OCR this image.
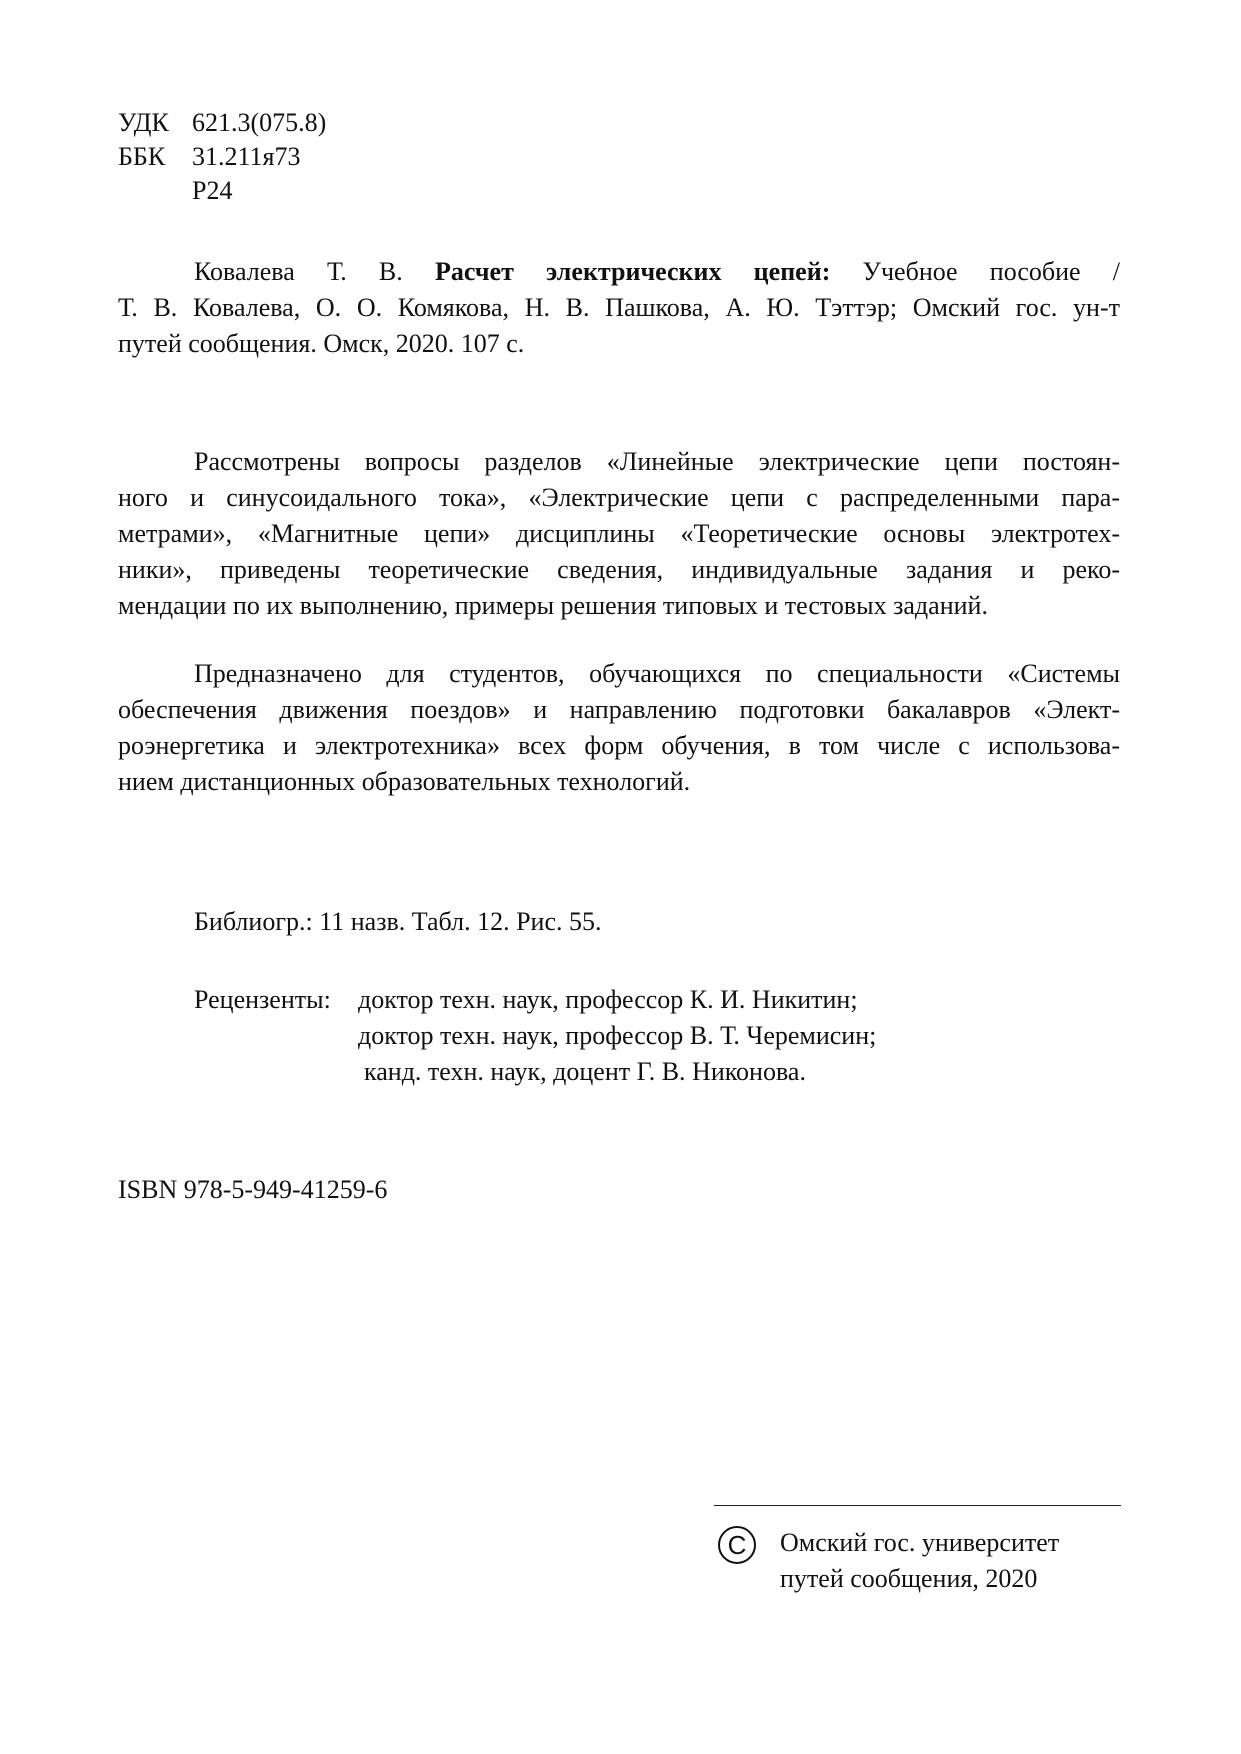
УДК 621.3(075.8)
ББК 31.211я73
Р24
Ковалева Т. В. Расчет электрических цепей: Учебное пособие /
Т. В. Ковалева, О. О. Комякова, Н. В. Пашкова, А. Ю. Тэттэр; Омский гос. ун-т
путей сообщения. Омск, 2020. 107 с.
Рассмотрены вопросы разделов «Линейные электрические цепи постоян-
ного и синусоидального тока», «Электрические цепи с распределенными пара-
метрами», «Магнитные цепи» дисциплины «Теоретические основы электротех-
ники», приведены теоретические сведения, индивидуальные задания и реко-
мендации по их выполнению, примеры решения типовых и тестовых заданий.
Предназначено для студентов, обучающихся по специальности «Системы
обеспечения движения поездов» и направлению подготовки бакалавров «Элект-
роэнергетика и электротехника» всех форм обучения, в том числе с использова-
нием дистанционных образовательных технологий.
Библиогр.: 11 назв. Табл. 12. Рис. 55.
Рецензенты: доктор техн. наук, профессор К. И. Никитин;
доктор техн. наук, профессор В. Т. Черемисин;
канд. техн. наук, доцент Г. В. Никонова.
ISBN 978-5-949-41259-6
C	Омский гос. университет
путей сообщения, 2020
